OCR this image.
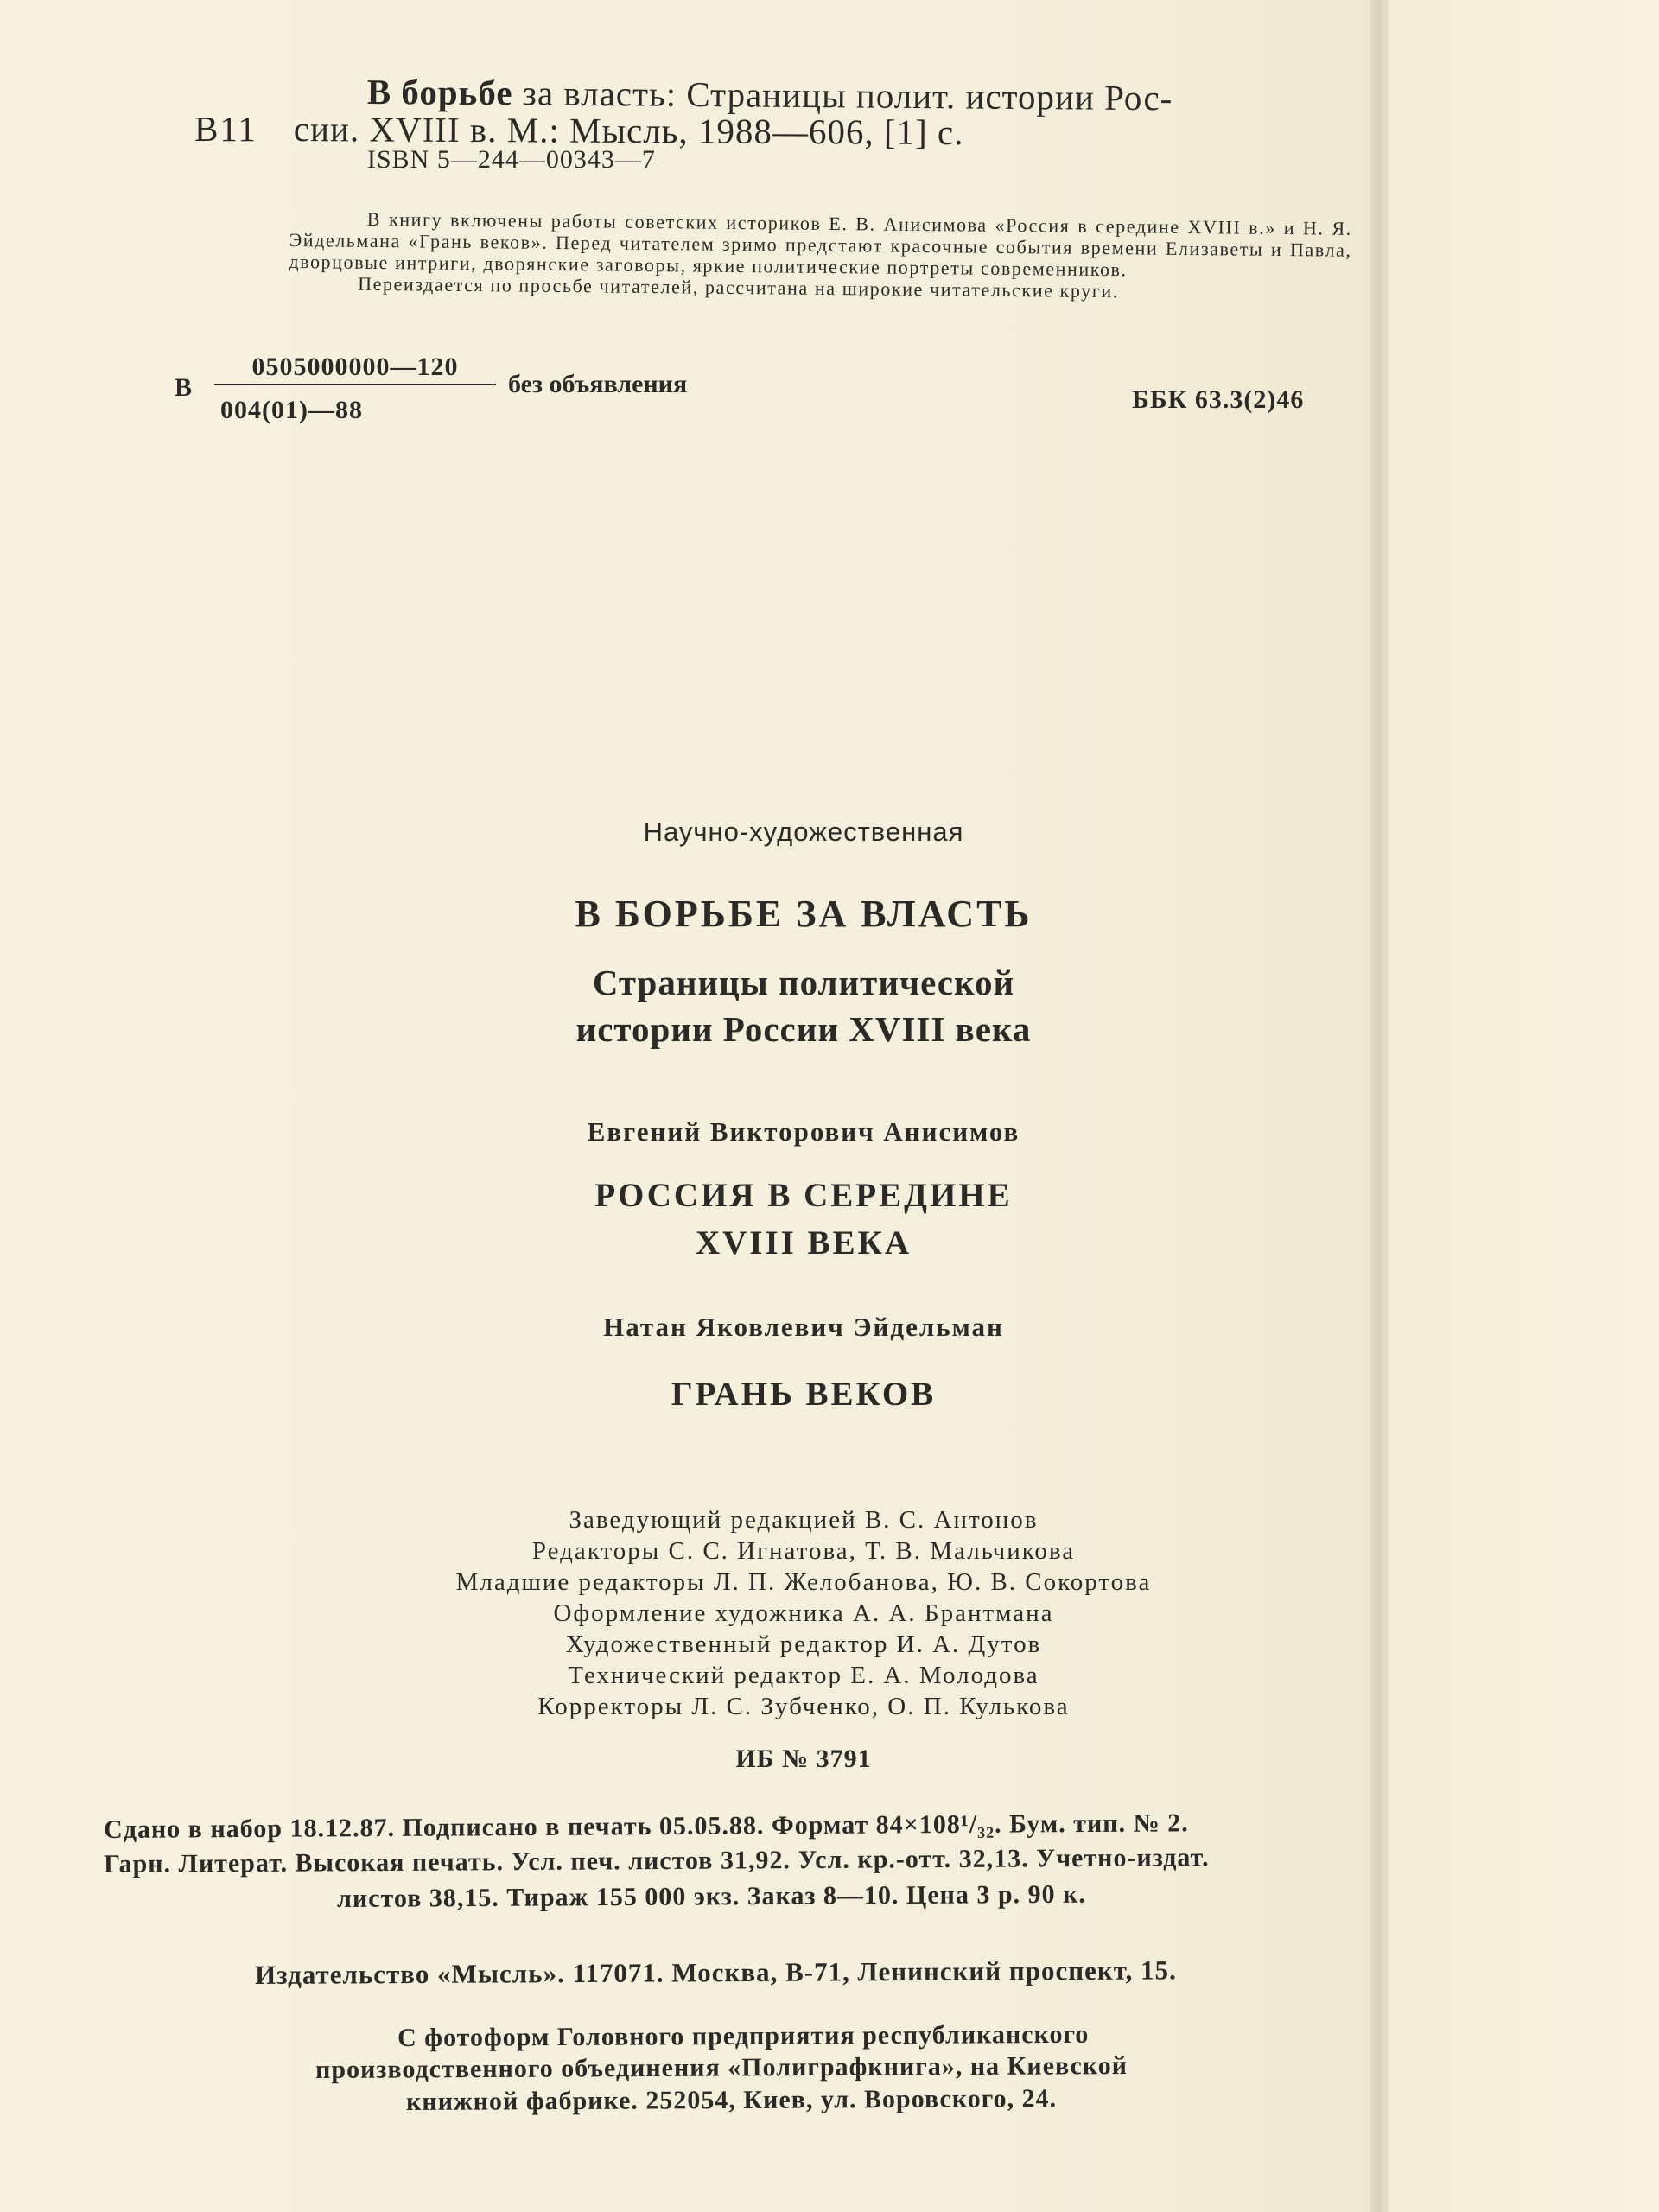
В борьбе за власть: Страницы полит. истории Рос-
В11 сии. XVIII в. М.: Мысль, 1988—606, [1] с.
ISBN 5—244—00343—7

В книгу включены работы советских историков Е. В. Анисимова «Россия в середине XVIII в.» и Н. Я. Эйдельмана «Грань веков». Перед читателем зримо предстают красочные события времени Елизаветы и Павла, дворцовые интриги, дворянские заговоры, яркие политические портреты современников.

Переиздается по просьбе читателей, рассчитана на широкие читательские круги.

В
0505000000—120
004(01)—88
без объявления
ББК 63.3(2)46
Научно-художественная
В БОРЬБЕ ЗА ВЛАСТЬ
Страницы политической
истории России XVIII века
Евгений Викторович Анисимов
РОССИЯ В СЕРЕДИНЕ
XVIII ВЕКА
Натан Яковлевич Эйдельман
ГРАНЬ ВЕКОВ
Заведующий редакцией В. С. Антонов
Редакторы С. С. Игнатова, Т. В. Мальчикова
Младшие редакторы Л. П. Желобанова, Ю. В. Сокортова
Оформление художника А. А. Брантмана
Художественный редактор И. А. Дутов
Технический редактор Е. А. Молодова
Корректоры Л. С. Зубченко, О. П. Кулькова
ИБ № 3791
Сдано в набор 18.12.87. Подписано в печать 05.05.88. Формат 84×108¹/₃₂. Бум. тип. № 2.
Гарн. Литерат. Высокая печать. Усл. печ. листов 31,92. Усл. кр.-отт. 32,13. Учетно-издат.
листов 38,15. Тираж 155 000 экз. Заказ 8—10. Цена 3 р. 90 к.
Издательство «Мысль». 117071. Москва, В-71, Ленинский проспект, 15.
С фотоформ Головного предприятия республиканского
производственного объединения «Полиграфкнига», на Киевской
книжной фабрике. 252054, Киев, ул. Воровского, 24.
